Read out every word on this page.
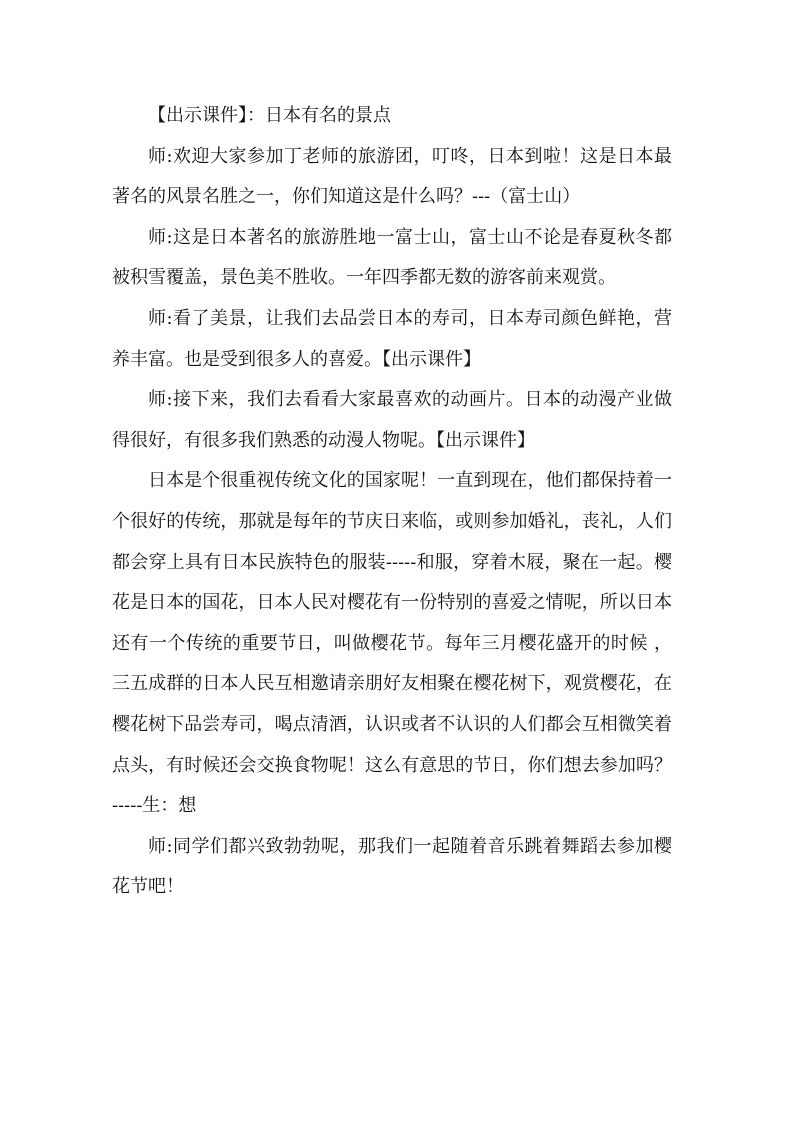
【出示课件】：日本有名的景点

师:欢迎大家参加丁老师的旅游团，叮咚，日本到啦！这是日本最著名的风景名胜之一，你们知道这是什么吗？---（富士山）

师:这是日本著名的旅游胜地一富士山，富士山不论是春夏秋冬都被积雪覆盖，景色美不胜收。一年四季都无数的游客前来观赏。

师:看了美景，让我们去品尝日本的寿司，日本寿司颜色鲜艳，营养丰富。也是受到很多人的喜爱。【出示课件】

师:接下来，我们去看看大家最喜欢的动画片。日本的动漫产业做得很好，有很多我们熟悉的动漫人物呢。【出示课件】

日本是个很重视传统文化的国家呢！一直到现在，他们都保持着一个很好的传统，那就是每年的节庆日来临，或则参加婚礼，丧礼，人们都会穿上具有日本民族特色的服装-----和服，穿着木屐，聚在一起。樱花是日本的国花，日本人民对樱花有一份特别的喜爱之情呢，所以日本还有一个传统的重要节日，叫做樱花节。每年三月樱花盛开的时候 ，三五成群的日本人民互相邀请亲朋好友相聚在樱花树下，观赏樱花，在樱花树下品尝寿司，喝点清酒，认识或者不认识的人们都会互相微笑着点头，有时候还会交换食物呢！这么有意思的节日，你们想去参加吗？-----生：想

师:同学们都兴致勃勃呢，那我们一起随着音乐跳着舞蹈去参加樱花节吧！
